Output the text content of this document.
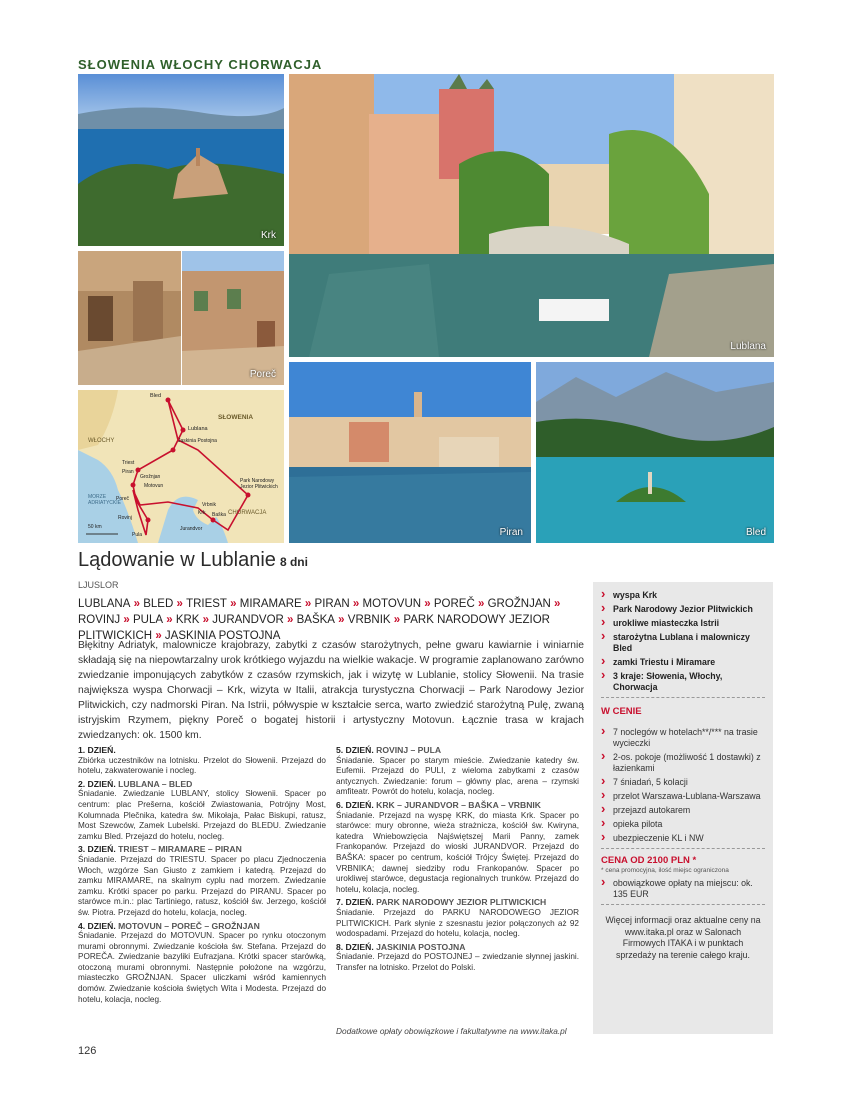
SŁOWENIA WŁOCHY CHORWACJA
Krk
Lublana
Poreč
Bled
Lublana
Jaskinia Postojna
SŁOWENIA
WŁOCHY
Triest
Piran
Grožnjan
Motovun
Poreč
Rovinj
Pula
Krk Baška
Vrbnik
Jurandvor
Park Narodowy Jezior Plitwickich
CHORWACJA
MORZE ADRIATYCKIE
50 km	Piran	Bled
Lądowanie w Lublanie 8 dni
LJUSLOR
LUBLANA » BLED » TRIEST » MIRAMARE » PIRAN » MOTOVUN » POREČ » GROŽNJAN » ROVINJ » PULA » KRK » JURANDVOR » BAŠKA » VRBNIK » PARK NARODOWY JEZIOR PLITWICKICH » JASKINIA POSTOJNA
Błękitny Adriatyk, malownicze krajobrazy, zabytki z czasów starożytnych, pełne gwaru kawiarnie i winiarnie składają się na niepowtarzalny urok krótkiego wyjazdu na wielkie wakacje. W programie zaplanowano zarówno zwiedzanie imponujących zabytków z czasów rzymskich, jak i wizytę w Lublanie, stolicy Słowenii. Na trasie największa wyspa Chorwacji – Krk, wizyta w Italii, atrakcja turystyczna Chorwacji – Park Narodowy Jezior Plitwickich, czy nadmorski Piran. Na Istrii, półwyspie w kształcie serca, warto zwiedzić starożytną Pulę, zwaną istryjskim Rzymem, piękny Poreč o bogatej historii i artystyczny Motovun. Łącznie trasa w krajach zwiedzanych: ok. 1500 km.
1. DZIEŃ.
Zbiórka uczestników na lotnisku. Przelot do Słowenii. Przejazd do hotelu, zakwaterowanie i nocleg.
2. DZIEŃ. LUBLANA – BLED
Śniadanie. Zwiedzanie LUBLANY, stolicy Słowenii. Spacer po centrum: plac Prešerna, kościół Zwiastowania, Potrójny Most, Kolumnada Plečnika, katedra św. Mikołaja, Pałac Biskupi, ratusz, Most Szewców, Zamek Lubelski. Przejazd do BLEDU. Zwiedzanie zamku Bled. Przejazd do hotelu, nocleg.
3. DZIEŃ. TRIEST – MIRAMARE – PIRAN
Śniadanie. Przejazd do TRIESTU. Spacer po placu Zjednoczenia Włoch, wzgórze San Giusto z zamkiem i katedrą. Przejazd do zamku MIRAMARE, na skalnym cyplu nad morzem. Zwiedzanie zamku. Krótki spacer po parku. Przejazd do PIRANU. Spacer po starówce m.in.: plac Tartiniego, ratusz, kościół św. Jerzego, kościół św. Piotra. Przejazd do hotelu, kolacja, nocleg.
4. DZIEŃ. MOTOVUN – POREČ – GROŽNJAN
Śniadanie. Przejazd do MOTOVUN. Spacer po rynku otoczonym murami obronnymi. Zwiedzanie kościoła św. Stefana. Przejazd do POREČA. Zwiedzanie bazyliki Eufrazjana. Krótki spacer starówką, otoczoną murami obronnymi. Następnie położone na wzgórzu, miasteczko GROŽNJAN. Spacer uliczkami wśród kamiennych domów. Zwiedzanie kościoła świętych Wita i Modesta. Przejazd do hotelu, kolacja, nocleg.
5. DZIEŃ. ROVINJ – PULA
Śniadanie. Spacer po starym mieście. Zwiedzanie katedry św. Eufemii. Przejazd do PULI, z wieloma zabytkami z czasów antycznych. Zwiedzanie: forum – główny plac, arena – rzymski amfiteatr. Powrót do hotelu, kolacja, nocleg.
6. DZIEŃ. KRK – JURANDVOR – BAŠKA – VRBNIK
Śniadanie. Przejazd na wyspę KRK, do miasta Krk. Spacer po starówce: mury obronne, wieża strażnicza, kościół św. Kwiryna, katedra Wniebowzięcia Najświętszej Marii Panny, zamek Frankopanów. Przejazd do wioski JURANDVOR. Przejazd do BAŠKA: spacer po centrum, kościół Trójcy Świętej. Przejazd do VRBNIKA; dawnej siedziby rodu Frankopanów. Spacer po urokliwej starówce, degustacja regionalnych trunków. Przejazd do hotelu, kolacja, nocleg.
7. DZIEŃ. PARK NARODOWY JEZIOR PLITWICKICH
Śniadanie. Przejazd do PARKU NARODOWEGO JEZIOR PLITWICKICH. Park słynie z szesnastu jezior połączonych aż 92 wodospadami. Przejazd do hotelu, kolacja, nocleg.
8. DZIEŃ. JASKINIA POSTOJNA
Śniadanie. Przejazd do POSTOJNEJ – zwiedzanie słynnej jaskini. Transfer na lotnisko. Przelot do Polski.
Dodatkowe opłaty obowiązkowe i fakultatywne na www.itaka.pl
126
› wyspa Krk
› Park Narodowy Jezior Plitwickich
› urokliwe miasteczka Istrii
› starożytna Lublana i malowniczy Bled
› zamki Triestu i Miramare
› 3 kraje: Słowenia, Włochy, Chorwacja
W CENIE
› 7 noclegów w hotelach**/*** na trasie wycieczki
› 2-os. pokoje (możliwość 1 dostawki) z łazienkami
› 7 śniadań, 5 kolacji
› przelot Warszawa-Lublana-Warszawa
› przejazd autokarem
› opieka pilota
› ubezpieczenie KL i NW
CENA OD 2100 PLN *
* cena promocyjna, ilość miejsc ograniczona
› obowiązkowe opłaty na miejscu: ok. 135 EUR
Więcej informacji oraz aktualne ceny na www.itaka.pl oraz w Salonach Firmowych ITAKA i w punktach sprzedaży na terenie całego kraju.
